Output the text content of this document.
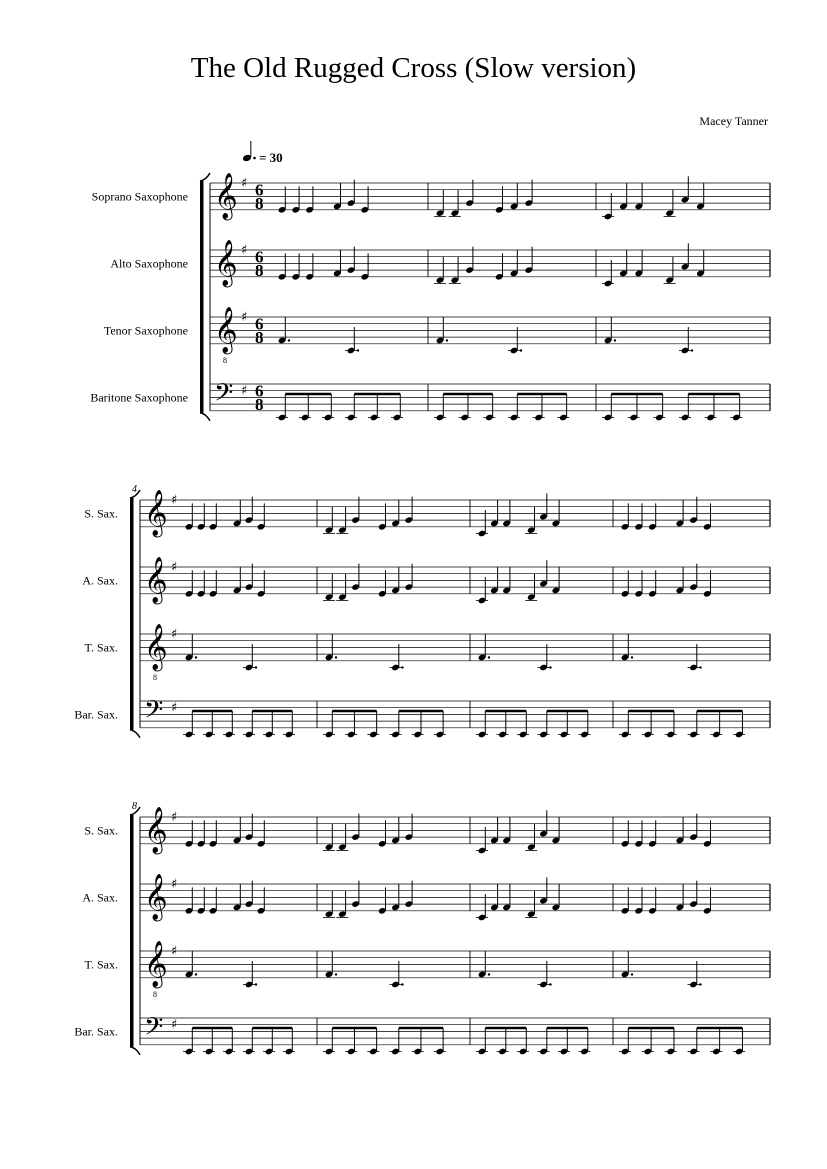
The Old Rugged Cross (Slow version)
Macey Tanner
= 30
Soprano Saxophone 𝄞 ♯ 6
8
Alto Saxophone 𝄞 ♯ 6
8
Tenor Saxophone 𝄞
8
♯ 6
8
Baritone Saxophone 𝄢 ♯ 6
8
4
S. Sax. 𝄞 ♯
A. Sax. 𝄞 ♯
T. Sax. 𝄞
8
♯
Bar. Sax. 𝄢 ♯
8
S. Sax. 𝄞 ♯
A. Sax. 𝄞 ♯
T. Sax. 𝄞
8
♯
Bar. Sax. 𝄢 ♯
